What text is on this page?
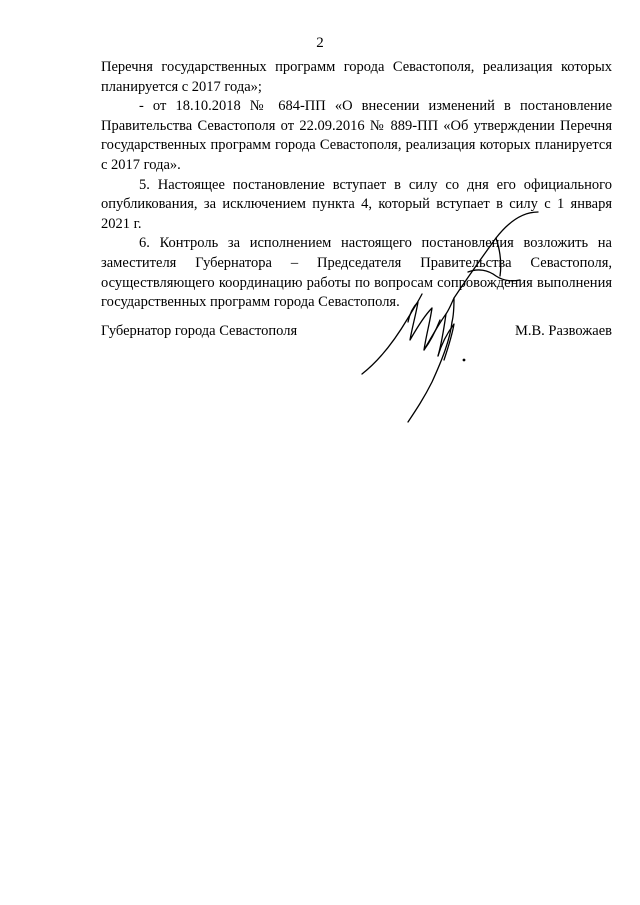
2

Перечня государственных программ города Севастополя, реализация которых планируется с 2017 года»;

- от 18.10.2018 № 684-ПП «О внесении изменений в постановление Правительства Севастополя от 22.09.2016 № 889-ПП «Об утверждении Перечня государственных программ города Севастополя, реализация которых планируется с 2017 года».

5. Настоящее постановление вступает в силу со дня его официального опубликования, за исключением пункта 4, который вступает в силу с 1 января 2021 г.

6. Контроль за исполнением настоящего постановления возложить на заместителя Губернатора – Председателя Правительства Севастополя, осуществляющего координацию работы по вопросам сопровождения выполнения государственных программ города Севастополя.

Губернатор города Севастополя	М.В. Развожаев
